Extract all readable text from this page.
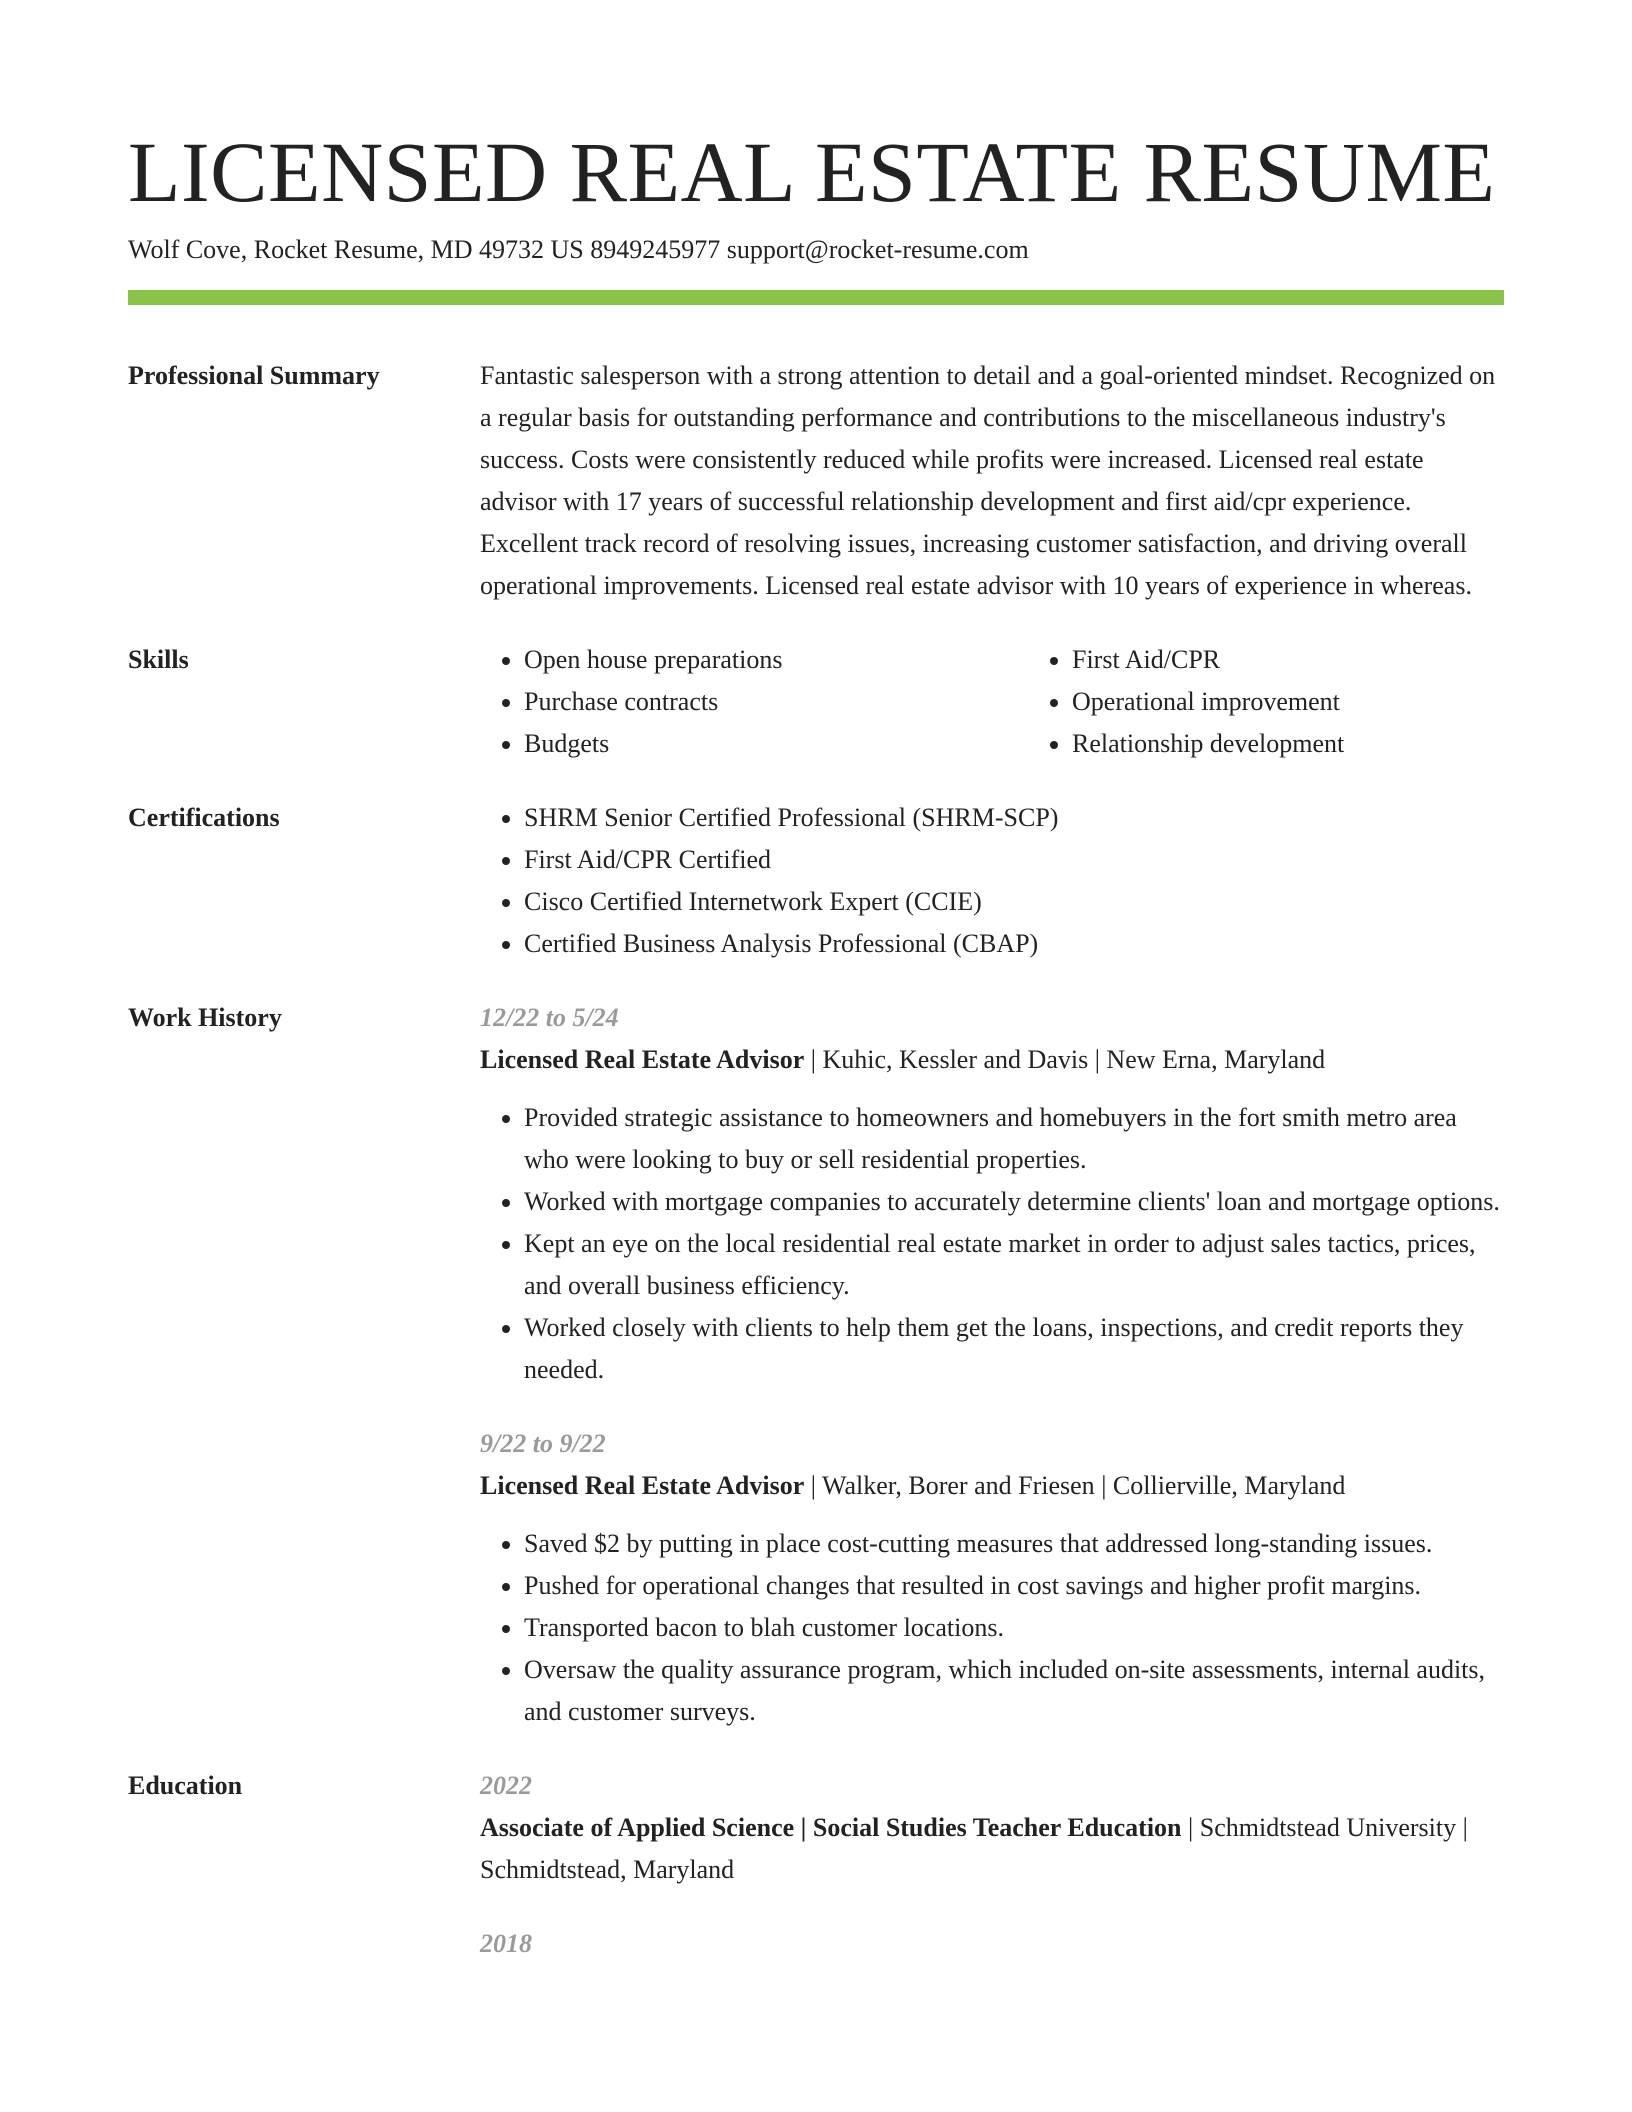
LICENSED REAL ESTATE RESUME
Wolf Cove, Rocket Resume, MD 49732 US 8949245977 support@rocket-resume.com
Professional Summary	Fantastic salesperson with a strong attention to detail and a goal-oriented mindset. Recognized on a regular basis for outstanding performance and contributions to the miscellaneous industry's success. Costs were consistently reduced while profits were increased. Licensed real estate advisor with 17 years of successful relationship development and first aid/cpr experience. Excellent track record of resolving issues, increasing customer satisfaction, and driving overall operational improvements. Licensed real estate advisor with 10 years of experience in whereas.

Skills	• Open house preparations
• Purchase contracts
• Budgets
• First Aid/CPR
• Operational improvement
• Relationship development
Certifications	• SHRM Senior Certified Professional (SHRM-SCP)
• First Aid/CPR Certified
• Cisco Certified Internetwork Expert (CCIE)
• Certified Business Analysis Professional (CBAP)
Work History	12/22 to 5/24
Licensed Real Estate Advisor | Kuhic, Kessler and Davis | New Erna, Maryland
• Provided strategic assistance to homeowners and homebuyers in the fort smith metro area who were looking to buy or sell residential properties.
• Worked with mortgage companies to accurately determine clients' loan and mortgage options.
• Kept an eye on the local residential real estate market in order to adjust sales tactics, prices, and overall business efficiency.
• Worked closely with clients to help them get the loans, inspections, and credit reports they needed.
9/22 to 9/22
Licensed Real Estate Advisor | Walker, Borer and Friesen | Collierville, Maryland
• Saved $2 by putting in place cost-cutting measures that addressed long-standing issues.
• Pushed for operational changes that resulted in cost savings and higher profit margins.
• Transported bacon to blah customer locations.
• Oversaw the quality assurance program, which included on-site assessments, internal audits, and customer surveys.
Education	2022
Associate of Applied Science | Social Studies Teacher Education | Schmidtstead University| Schmidtstead, Maryland
2018
